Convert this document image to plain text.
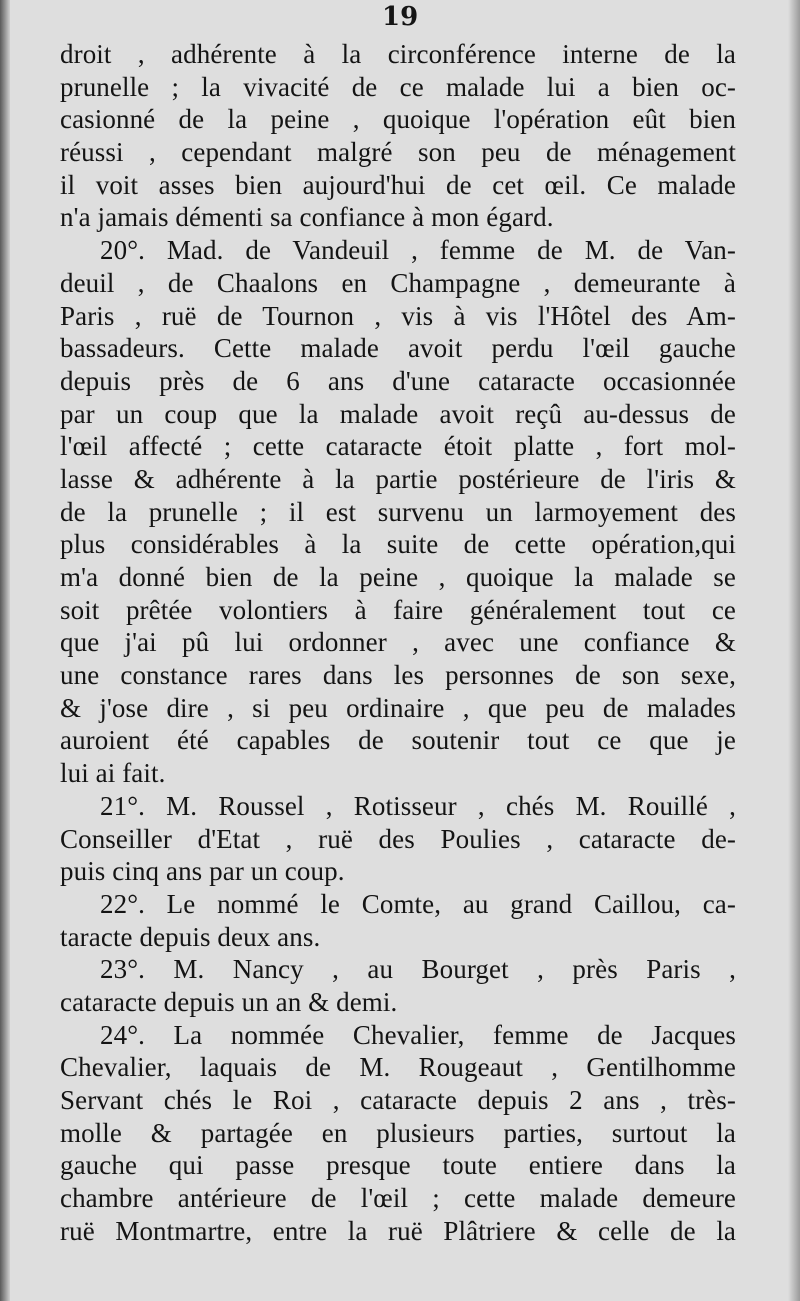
19
droit , adhérente à la circonférence interne de la
prunelle ; la vivacité de ce malade lui a bien oc-
casionné de la peine , quoique l'opération eût bien
réussi , cependant malgré son peu de ménagement
il voit asses bien aujourd'hui de cet œil. Ce malade
n'a jamais démenti sa confiance à mon égard.
20°. Mad. de Vandeuil , femme de M. de Van-
deuil , de Chaalons en Champagne , demeurante à
Paris , ruë de Tournon , vis à vis l'Hôtel des Am-
bassadeurs. Cette malade avoit perdu l'œil gauche
depuis près de 6 ans d'une cataracte occasionnée
par un coup que la malade avoit reçû au-dessus de
l'œil affecté ; cette cataracte étoit platte , fort mol-
lasse & adhérente à la partie postérieure de l'iris &
de la prunelle ; il est survenu un larmoyement des
plus considérables à la suite de cette opération,qui
m'a donné bien de la peine , quoique la malade se
soit prêtée volontiers à faire généralement tout ce
que j'ai pû lui ordonner , avec une confiance &
une constance rares dans les personnes de son sexe,
& j'ose dire , si peu ordinaire , que peu de malades
auroient été capables de soutenir tout ce que je
lui ai fait.
21°. M. Roussel , Rotisseur , chés M. Rouillé ,
Conseiller d'Etat , ruë des Poulies , cataracte de-
puis cinq ans par un coup.
22°. Le nommé le Comte, au grand Caillou, ca-
taracte depuis deux ans.
23°. M. Nancy , au Bourget , près Paris ,
cataracte depuis un an & demi.
24°. La nommée Chevalier, femme de Jacques
Chevalier, laquais de M. Rougeaut , Gentilhomme
Servant chés le Roi , cataracte depuis 2 ans , très-
molle & partagée en plusieurs parties, surtout la
gauche qui passe presque toute entiere dans la
chambre antérieure de l'œil ; cette malade demeure
ruë Montmartre, entre la ruë Plâtriere & celle de la
